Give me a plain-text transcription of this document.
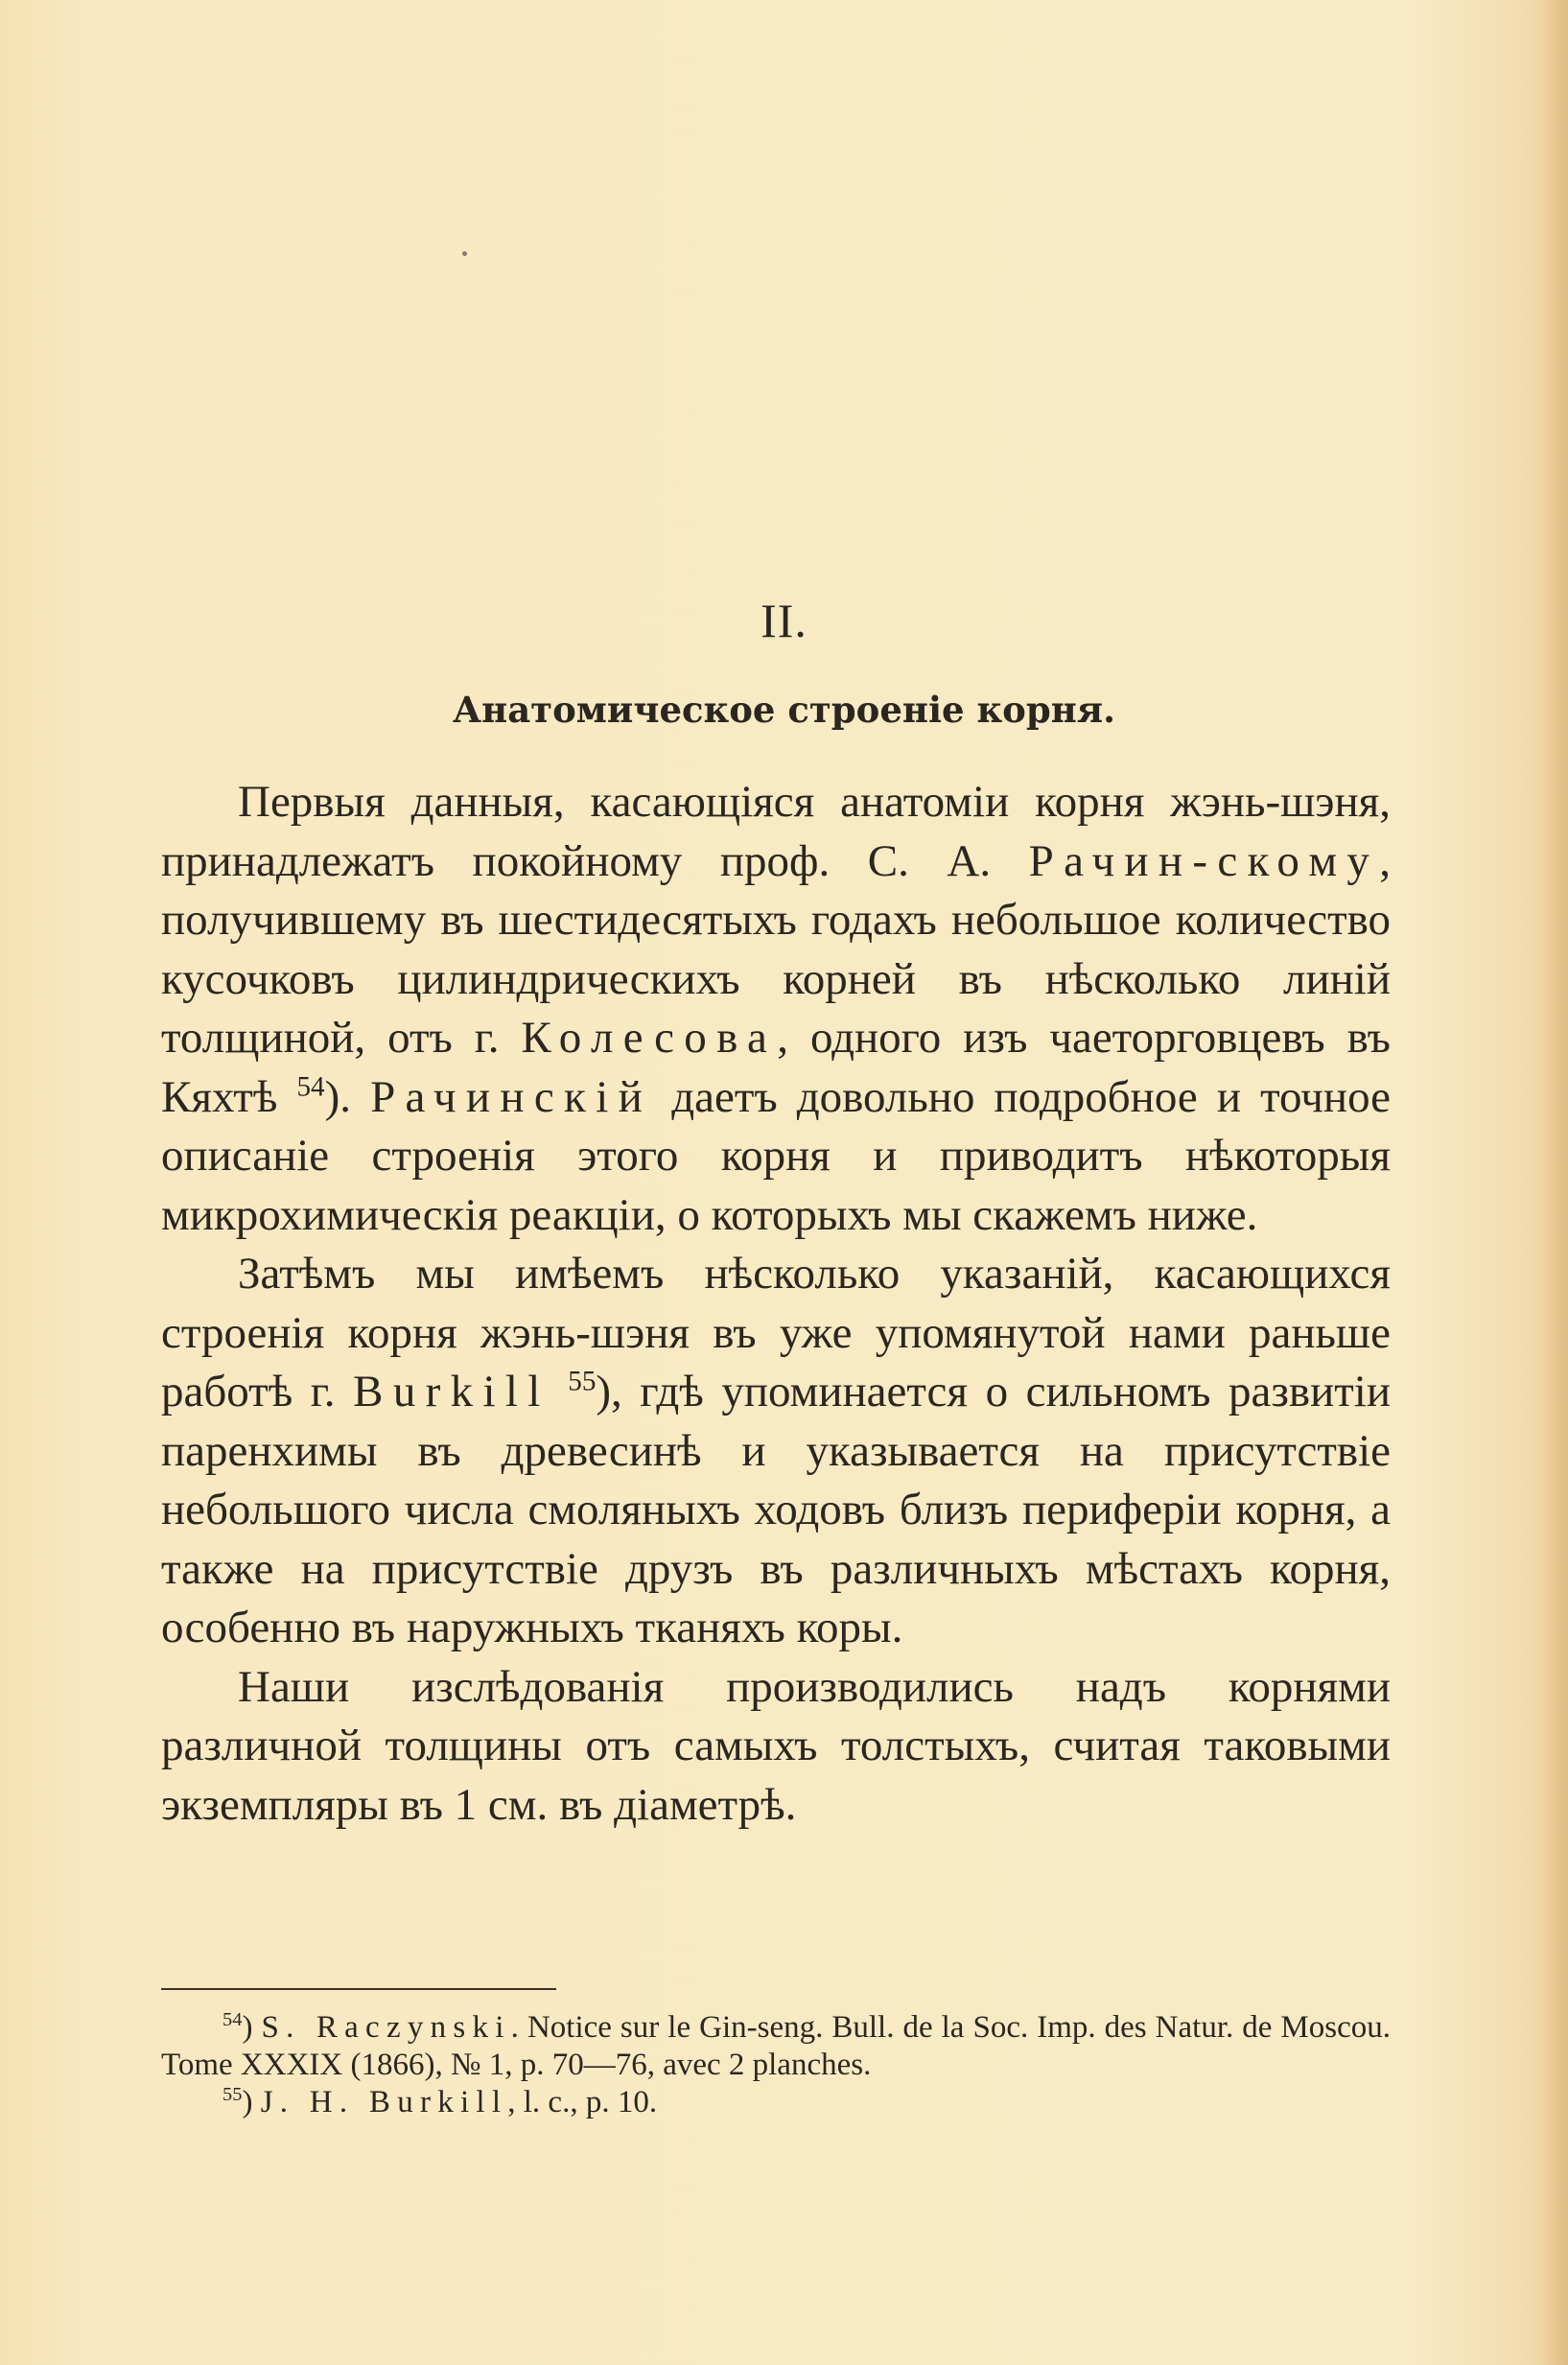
II.
Анатомическое строеніе корня.

Первыя данныя, касающіяся анатоміи корня жэнь-шэня, принадлежатъ покойному проф. С. А. Рачин-скому, получившему въ шестидесятыхъ годахъ небольшое количество кусочковъ цилиндрическихъ корней въ нѣсколько линій толщиной, отъ г. Колесова, одного изъ чаеторговцевъ въ Кяхтѣ $^{54}$). Рачинскій даетъ довольно подробное и точное описаніе строенія этого корня и приводитъ нѣкоторыя микрохимическія реакціи, о которыхъ мы скажемъ ниже.

Затѣмъ мы имѣемъ нѣсколько указаній, касающихся строенія корня жэнь-шэня въ уже упомянутой нами раньше работѣ г. Burkill $^{55}$), гдѣ упоминается о сильномъ развитіи паренхимы въ древесинѣ и указывается на присутствіе небольшого числа смоляныхъ ходовъ близъ периферіи корня, а также на присутствіе друзъ въ различныхъ мѣстахъ корня, особенно въ наружныхъ тканяхъ коры.

Наши изслѣдованія производились надъ корнями различной толщины отъ самыхъ толстыхъ, считая таковыми экземпляры въ 1 см. въ діаметрѣ.

$^{54}$) S. Raczynski. Notice sur le Gin-seng. Bull. de la Soc. Imp. des Natur. de Moscou. Tome XXXIX (1866), № 1, p. 70—76, avec 2 planches.

$^{55}$) J. H. Burkill, l. c., p. 10.
